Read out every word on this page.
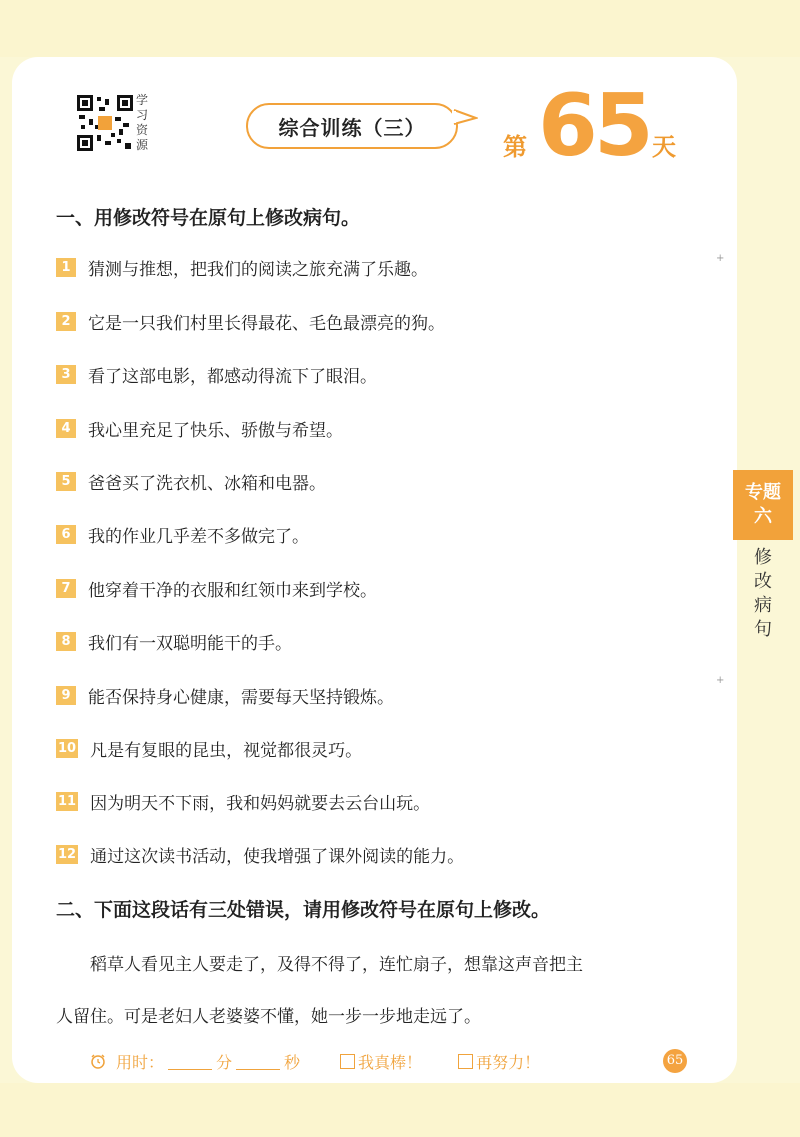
学习资源
综合训练（三）
第 65 天
一、用修改符号在原句上修改病句。
1	猜测与推想，把我们的阅读之旅充满了乐趣。
2	它是一只我们村里长得最花、毛色最漂亮的狗。
3	看了这部电影，都感动得流下了眼泪。
4	我心里充足了快乐、骄傲与希望。
5	爸爸买了洗衣机、冰箱和电器。
6	我的作业几乎差不多做完了。
7	他穿着干净的衣服和红领巾来到学校。
8	我们有一双聪明能干的手。
9	能否保持身心健康，需要每天坚持锻炼。
10 凡是有复眼的昆虫，视觉都很灵巧。
11 因为明天不下雨，我和妈妈就要去云台山玩。
12 通过这次读书活动，使我增强了课外阅读的能力。
二、下面这段话有三处错误，请用修改符号在原句上修改。
稻草人看见主人要走了，及得不得了，连忙扇子，想靠这声音把主
人留住。可是老妇人老婆婆不懂，她一步一步地走远了。
用时：	分	秒	我真棒！	再努力！	65
专题
六
修改病句
+
+
